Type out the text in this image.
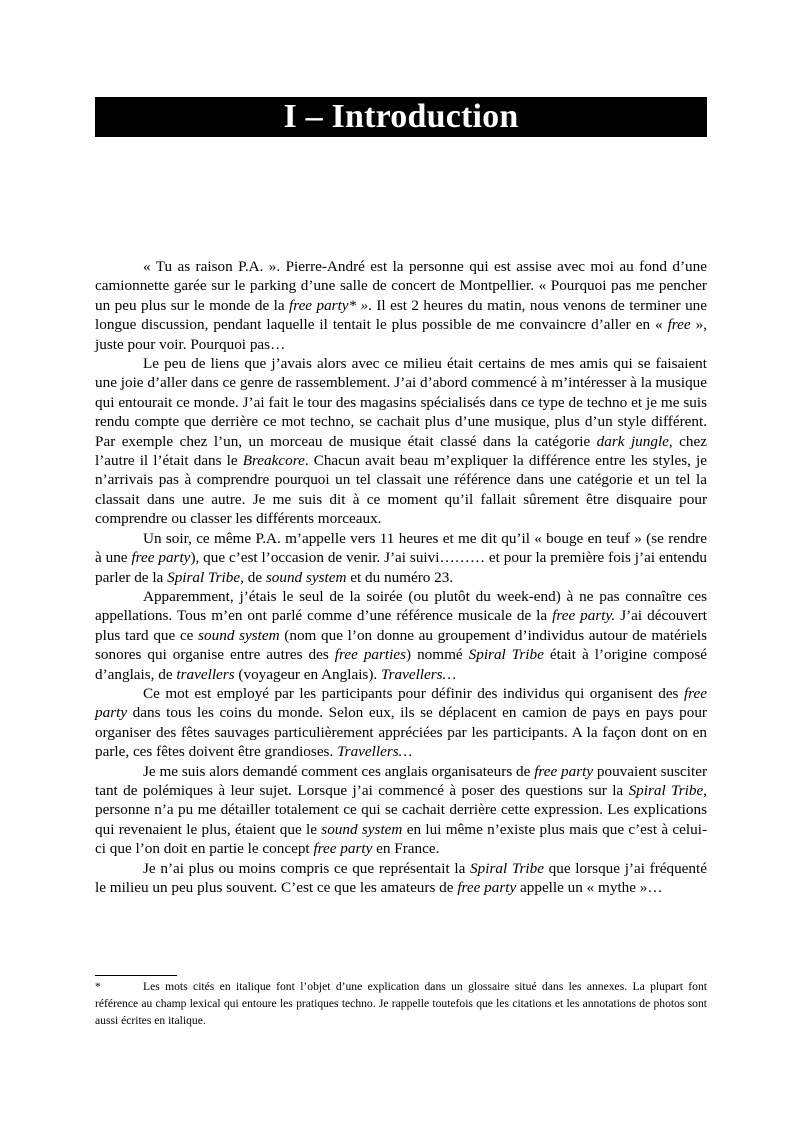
I – Introduction

« Tu as raison P.A. ». Pierre-André est la personne qui est assise avec moi au fond d’une camionnette garée sur le parking d’une salle de concert de Montpellier. « Pourquoi pas me pencher un peu plus sur le monde de la free party* ». Il est 2 heures du matin, nous venons de terminer une longue discussion, pendant laquelle il tentait le plus possible de me convaincre d’aller en « free », juste pour voir. Pourquoi pas…

Le peu de liens que j’avais alors avec ce milieu était certains de mes amis qui se faisaient une joie d’aller dans ce genre de rassemblement. J’ai d’abord commencé à m’intéresser à la musique qui entourait ce monde. J’ai fait le tour des magasins spécialisés dans ce type de techno et je me suis rendu compte que derrière ce mot techno, se cachait plus d’une musique, plus d’un style différent. Par exemple chez l’un, un morceau de musique était classé dans la catégorie dark jungle, chez l’autre il l’était dans le Breakcore. Chacun avait beau m’expliquer la différence entre les styles, je n’arrivais pas à comprendre pourquoi un tel classait une référence dans une catégorie et un tel la classait dans une autre. Je me suis dit à ce moment qu’il fallait sûrement être disquaire pour comprendre ou classer les différents morceaux.

Un soir, ce même P.A. m’appelle vers 11 heures et me dit qu’il « bouge en teuf » (se rendre à une free party), que c’est l’occasion de venir. J’ai suivi……… et pour la première fois j’ai entendu parler de la Spiral Tribe, de sound system et du numéro 23.

Apparemment, j’étais le seul de la soirée (ou plutôt du week-end) à ne pas connaître ces appellations. Tous m’en ont parlé comme d’une référence musicale de la free party. J’ai découvert plus tard que ce sound system (nom que l’on donne au groupement d’individus autour de matériels sonores qui organise entre autres des free parties) nommé Spiral Tribe était à l’origine composé d’anglais, de travellers (voyageur en Anglais). Travellers…

Ce mot est employé par les participants pour définir des individus qui organisent des free party dans tous les coins du monde. Selon eux, ils se déplacent en camion de pays en pays pour organiser des fêtes sauvages particulièrement appréciées par les participants. A la façon dont on en parle, ces fêtes doivent être grandioses. Travellers…

Je me suis alors demandé comment ces anglais organisateurs de free party pouvaient susciter tant de polémiques à leur sujet. Lorsque j’ai commencé à poser des questions sur la Spiral Tribe, personne n’a pu me détailler totalement ce qui se cachait derrière cette expression. Les explications qui revenaient le plus, étaient que le sound system en lui même n’existe plus mais que c’est à celui-ci que l’on doit en partie le concept free party en France.

Je n’ai plus ou moins compris ce que représentait la Spiral Tribe que lorsque j’ai fréquenté le milieu un peu plus souvent. C’est ce que les amateurs de free party appelle un « mythe »…

*	Les mots cités en italique font l’objet d’une explication dans un glossaire situé dans les annexes. La plupart font référence au champ lexical qui entoure les pratiques techno. Je rappelle toutefois que les citations et les annotations de photos sont aussi écrites en italique.
